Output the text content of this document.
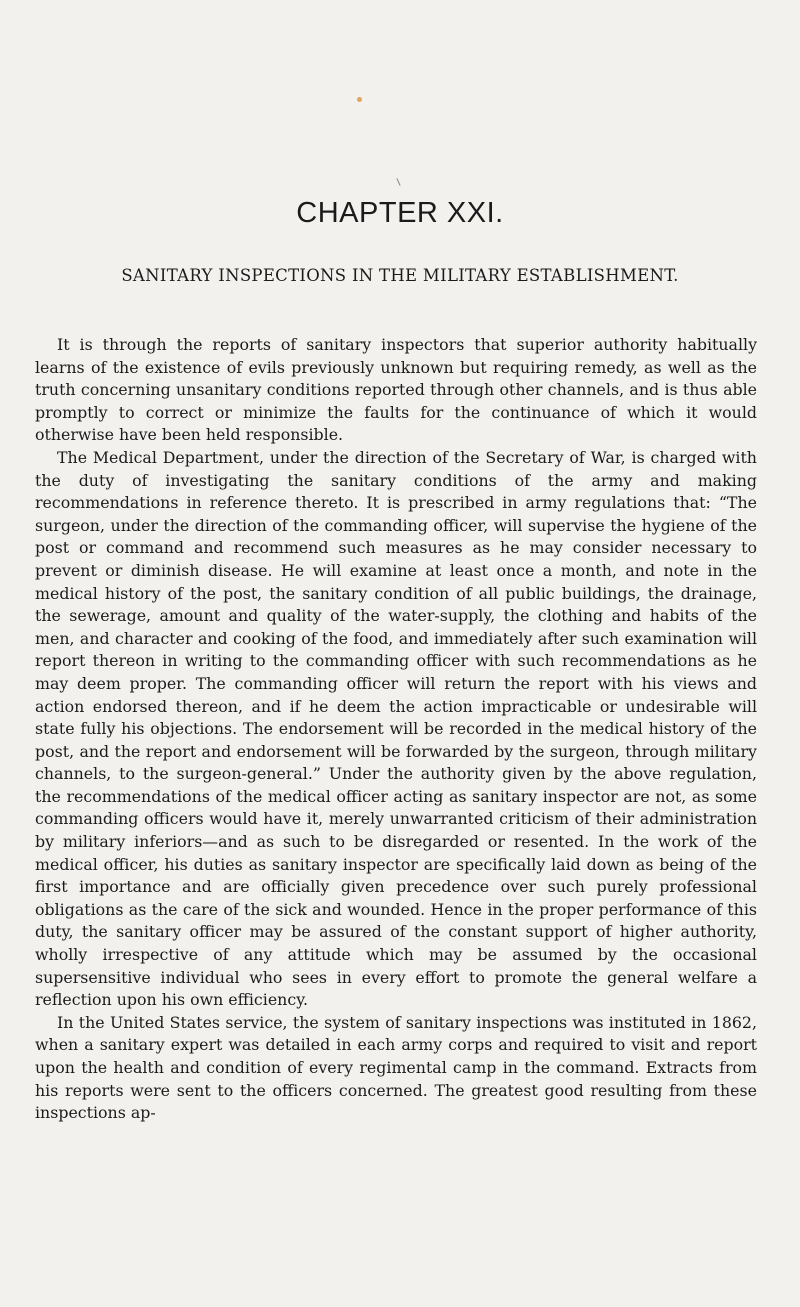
CHAPTER XXI.
SANITARY INSPECTIONS IN THE MILITARY ESTABLISHMENT.

It is through the reports of sanitary inspectors that superior authority habitually learns of the existence of evils previously unknown but requiring remedy, as well as the truth concerning unsanitary conditions reported through other channels, and is thus able promptly to correct or minimize the faults for the continuance of which it would otherwise have been held responsible.

The Medical Department, under the direction of the Secretary of War, is charged with the duty of investigating the sanitary conditions of the army and making recommendations in reference thereto. It is prescribed in army regulations that: “The surgeon, under the direction of the commanding officer, will supervise the hygiene of the post or command and recommend such measures as he may consider necessary to prevent or diminish disease. He will examine at least once a month, and note in the medical history of the post, the sanitary condition of all public buildings, the drainage, the sewerage, amount and quality of the water-supply, the clothing and habits of the men, and character and cooking of the food, and immediately after such examination will report thereon in writing to the commanding officer with such recommendations as he may deem proper. The commanding officer will return the report with his views and action endorsed thereon, and if he deem the action impracticable or undesirable will state fully his objections. The endorsement will be recorded in the medical history of the post, and the report and endorsement will be forwarded by the surgeon, through military channels, to the surgeon-general.” Under the authority given by the above regulation, the recommendations of the medical officer acting as sanitary inspector are not, as some commanding officers would have it, merely unwarranted criticism of their administration by military inferiors—and as such to be disregarded or resented. In the work of the medical officer, his duties as sanitary inspector are specifically laid down as being of the first importance and are officially given precedence over such purely professional obligations as the care of the sick and wounded. Hence in the proper performance of this duty, the sanitary officer may be assured of the constant support of higher authority, wholly irrespective of any attitude which may be assumed by the occasional supersensitive individual who sees in every effort to promote the general welfare a reflection upon his own efficiency.

In the United States service, the system of sanitary inspections was instituted in 1862, when a sanitary expert was detailed in each army corps and required to visit and report upon the health and condition of every regimental camp in the command. Extracts from his reports were sent to the officers concerned. The greatest good resulting from these inspections ap-
